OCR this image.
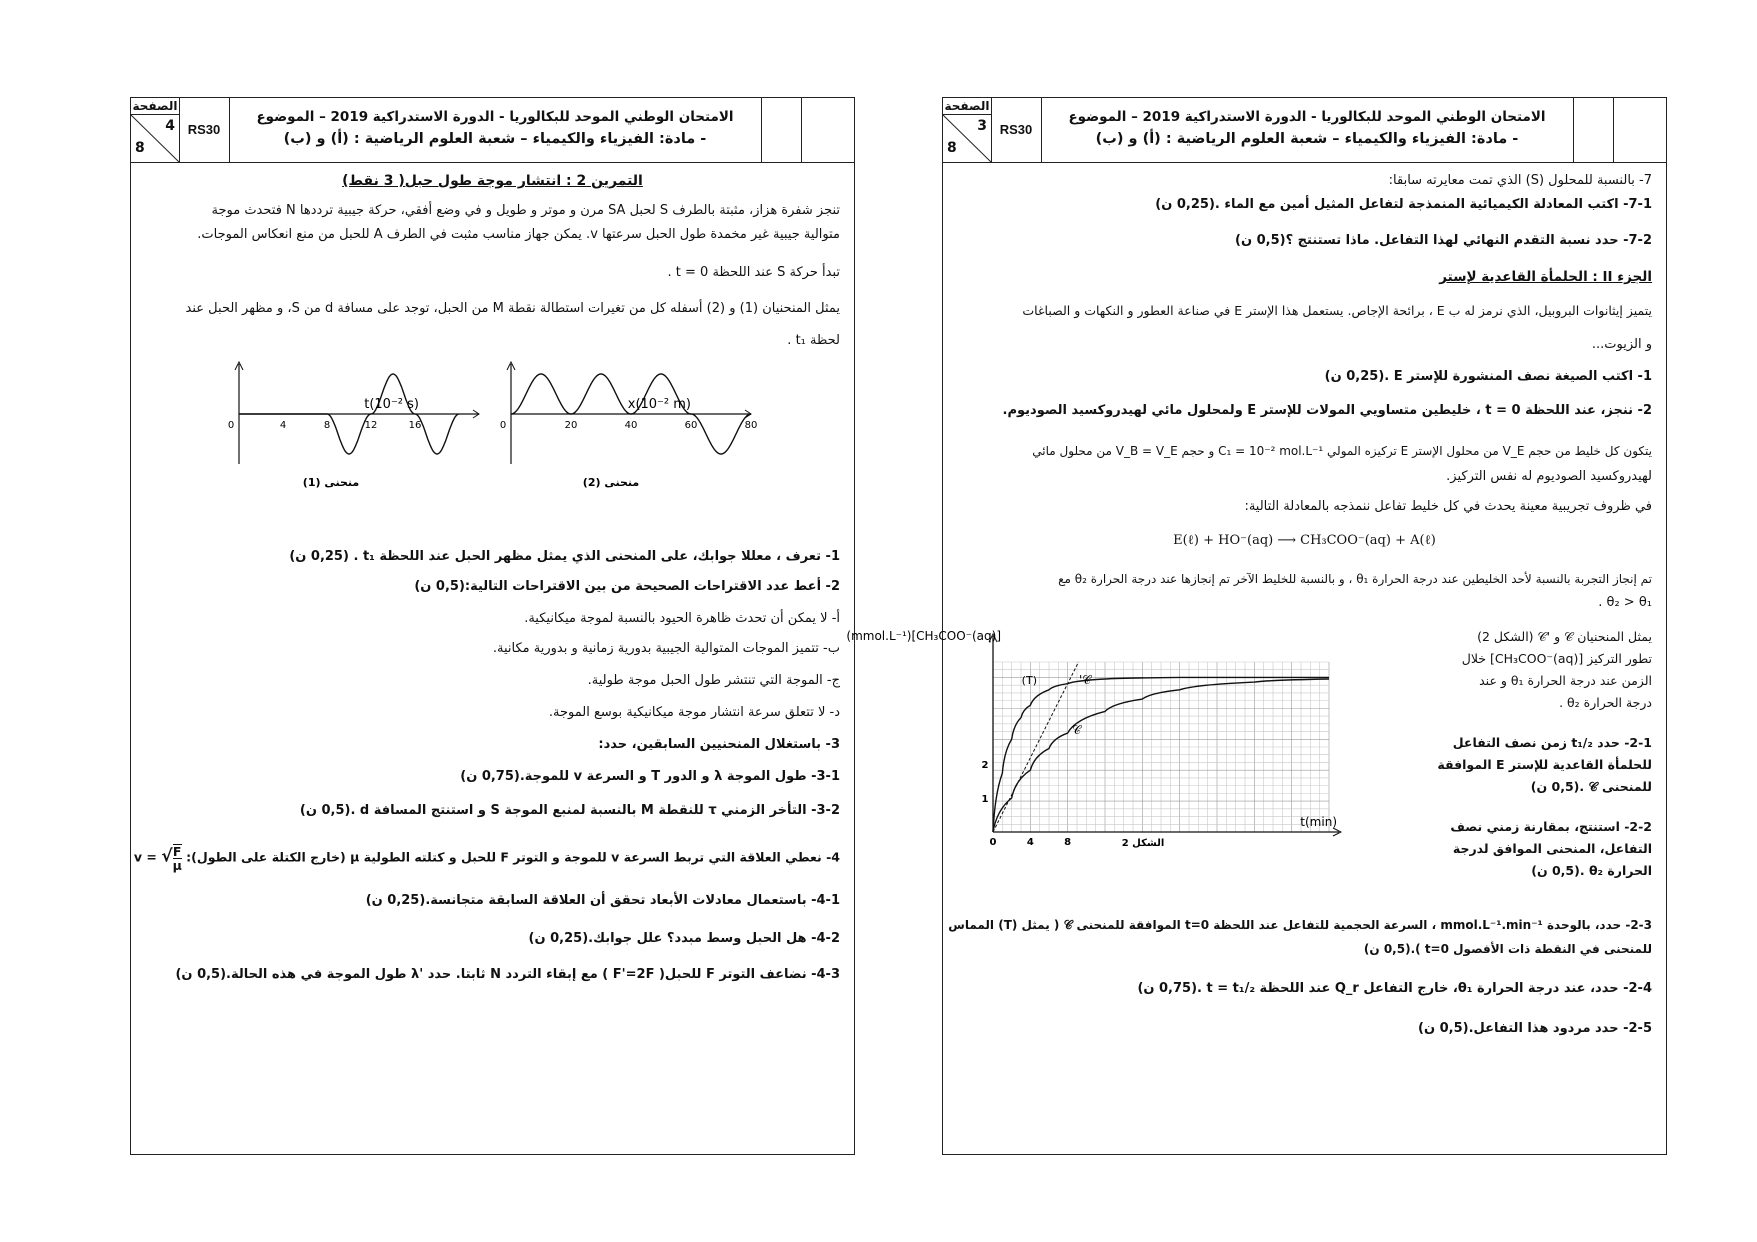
الصفحة
4
8
RS30
الامتحان الوطني الموحد للبكالوريا - الدورة الاستدراكية 2019 – الموضوع
- مادة: الفيزياء والكيمياء – شعبة العلوم الرياضية : (أ) و (ب)
التمرين 2 : انتشار موجة طول حبل( 3 نقط)
تنجز شفرة هزاز، مثبتة بالطرف S لحبل SA مرن و موتر و طويل و في وضع أفقي، حركة جيبية ترددها N فتحدث موجة
متوالية جيبية غير مخمدة طول الحبل سرعتها v. يمكن جهاز مناسب مثبت في الطرف A للحبل من منع انعكاس الموجات.
تبدأ حركة S عند اللحظة t = 0 .
يمثل المنحنيان (1) و (2) أسفله كل من تغيرات استطالة نقطة M من الحبل، توجد على مسافة d من S، و مظهر الحبل عند
لحظة t₁ .
0	20	40	60	80
x(10⁻² m)
منحنى (2)
0	4	8	12	16
t(10⁻² s)
منحنى (1)
1- تعرف ، معللا جوابك، على المنحنى الذي يمثل مظهر الحبل عند اللحظة t₁ . (0,25 ن)
2- أعط عدد الاقتراحات الصحيحة من بين الاقتراحات التالية:(0,5 ن)
أ- لا يمكن أن تحدث ظاهرة الحيود بالنسبة لموجة ميكانيكية.
ب- تتميز الموجات المتوالية الجيبية بدورية زمانية و بدورية مكانية.
ج- الموجة التي تنتشر طول الحبل موجة طولية.
د- لا تتعلق سرعة انتشار موجة ميكانيكية بوسع الموجة.
3- باستغلال المنحنيين السابقين، حدد:
3-1- طول الموجة λ و الدور T و السرعة v للموجة.(0,75 ن)
3-2- التأخر الزمني τ للنقطة M بالنسبة لمنبع الموجة S و استنتج المسافة d .(0,5 ن)
4- نعطي العلاقة التي تربط السرعة v للموجة و التوتر F للحبل و كتلته الطولية μ (خارج الكتلة على الطول): v = √ $\frac{F}{\mu}$
4-1- باستعمال معادلات الأبعاد تحقق أن العلاقة السابقة متجانسة.(0,25 ن)
4-2- هل الحبل وسط مبدد؟ علل جوابك.(0,25 ن)
4-3- نضاعف التوتر F للحبل( F'=2F ) مع إبقاء التردد N ثابتا. حدد 'λ طول الموجة في هذه الحالة.(0,5 ن)
الصفحة
3
8
RS30
الامتحان الوطني الموحد للبكالوريا - الدورة الاستدراكية 2019 – الموضوع
- مادة: الفيزياء والكيمياء – شعبة العلوم الرياضية : (أ) و (ب)
7- بالنسبة للمحلول (S) الذي تمت معايرته سابقا:
7-1- اكتب المعادلة الكيميائية المنمذجة لتفاعل المثيل أمين مع الماء .(0,25 ن)
7-2- حدد نسبة التقدم النهائي لهذا التفاعل. ماذا تستنتج ؟(0,5 ن)
الجزء II : الحلمأة القاعدية لإستر
يتميز إيثانوات البروبيل، الذي نرمز له ب E ، برائحة الإجاص. يستعمل هذا الإستر E في صناعة العطور و النكهات و الصباغات
و الزيوت...
1- اكتب الصيغة نصف المنشورة للإستر E .(0,25 ن)
2- ننجز، عند اللحظة t = 0 ، خليطين متساويي المولات للإستر E ولمحلول مائي لهيدروكسيد الصوديوم.
يتكون كل خليط من حجم V_E من محلول الإستر E تركيزه المولي C₁ = 10⁻² mol.L⁻¹ و حجم V_B = V_E من محلول مائي
لهيدروكسيد الصوديوم له نفس التركيز.
في ظروف تجريبية معينة يحدث في كل خليط تفاعل ننمذجه بالمعادلة التالية:
E(ℓ) + HO⁻(aq) ⟶ CH₃COO⁻(aq) + A(ℓ)
تم إنجاز التجربة بالنسبة لأحد الخليطين عند درجة الحرارة θ₁ ، و بالنسبة للخليط الآخر تم إنجازها عند درجة الحرارة θ₂ مع
θ₂ > θ₁ .
يمثل المنحنيان 𝒞 و '𝒞 (الشكل 2)
تطور التركيز [CH₃COO⁻(aq)] خلال
الزمن عند درجة الحرارة θ₁ و عند
درجة الحرارة θ₂ .
2-1- حدد t₁/₂ زمن نصف التفاعل
للحلمأة القاعدية للإستر E الموافقة
للمنحنى 𝒞 .(0,5 ن)
2-2- استنتج، بمقارنة زمني نصف
التفاعل، المنحنى الموافق لدرجة
الحرارة θ₂ .(0,5 ن)
0	4	8
1
2
[CH₃COO⁻(aq)](mmol.L⁻¹)
t(min)
الشكل 2
(T)	𝒞'
𝒞
2-3- حدد، بالوحدة mmol.L⁻¹.min⁻¹ ، السرعة الحجمية للتفاعل عند اللحظة t=0 الموافقة للمنحنى 𝒞 ( يمثل (T) المماس
للمنحنى في النقطة ذات الأفصول t=0 ).(0,5 ن)
2-4- حدد، عند درجة الحرارة θ₁، خارج التفاعل Q_r عند اللحظة t = t₁/₂ .(0,75 ن)
2-5- حدد مردود هذا التفاعل.(0,5 ن)
